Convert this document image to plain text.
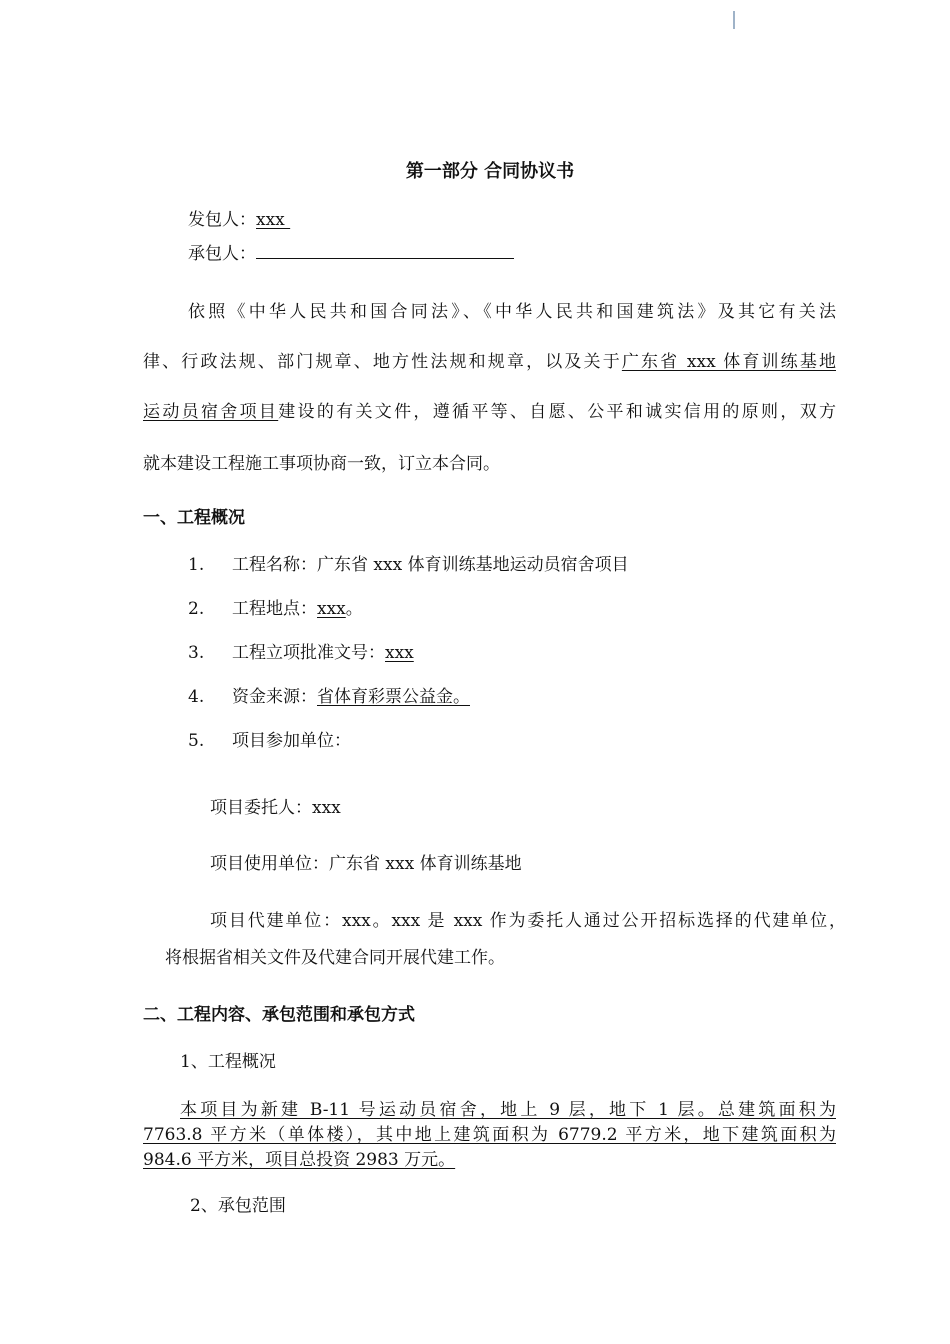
第一部分 合同协议书
发包人：xxx
承包人：
依照《中华人民共和国合同法》、《中华人民共和国建筑法》及其它有关法
律、行政法规、部门规章、地方性法规和规章，以及关于广东省 xxx 体育训练基地
运动员宿舍项目建设的有关文件，遵循平等、自愿、公平和诚实信用的原则，双方
就本建设工程施工事项协商一致，订立本合同。
一、工程概况
1. 工程名称：广东省 xxx 体育训练基地运动员宿舍项目
2. 工程地点：xxx。
3. 工程立项批准文号：xxx
4. 资金来源：省体育彩票公益金。
5. 项目参加单位：
项目委托人：xxx
项目使用单位：广东省 xxx 体育训练基地
项目代建单位：xxx。xxx 是 xxx 作为委托人通过公开招标选择的代建单位，
将根据省相关文件及代建合同开展代建工作。
二、工程内容、承包范围和承包方式
1、工程概况
本项目为新建 B-11 号运动员宿舍，地上 9 层，地下 1 层。总建筑面积为
7763.8 平方米（单体楼），其中地上建筑面积为 6779.2 平方米，地下建筑面积为
984.6 平方米，项目总投资 2983 万元。
2、承包范围
